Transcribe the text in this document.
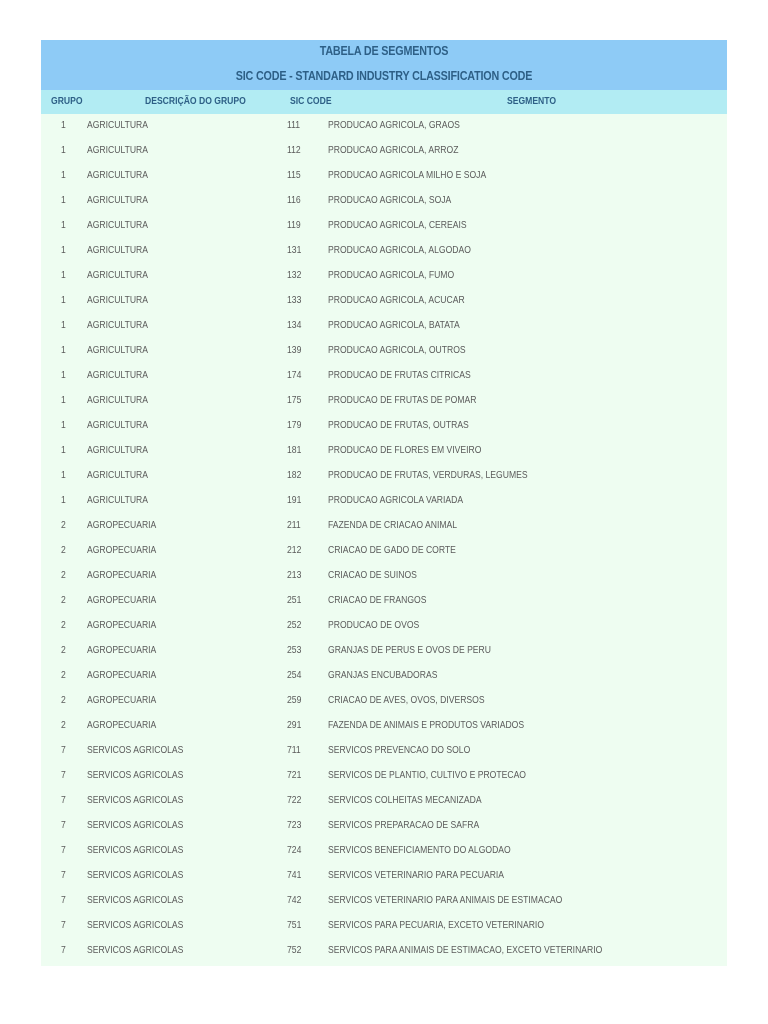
TABELA DE SEGMENTOS
SIC CODE - STANDARD INDUSTRY CLASSIFICATION CODE
GRUPO	DESCRIÇÃO DO GRUPO	SIC CODE	SEGMENTO
1 AGRICULTURA	111	PRODUCAO AGRICOLA, GRAOS
1 AGRICULTURA	112	PRODUCAO AGRICOLA, ARROZ
1 AGRICULTURA	115	PRODUCAO AGRICOLA MILHO E SOJA
1 AGRICULTURA	116	PRODUCAO AGRICOLA, SOJA
1 AGRICULTURA	119	PRODUCAO AGRICOLA, CEREAIS
1 AGRICULTURA	131	PRODUCAO AGRICOLA, ALGODAO
1 AGRICULTURA	132	PRODUCAO AGRICOLA, FUMO
1 AGRICULTURA	133	PRODUCAO AGRICOLA, ACUCAR
1 AGRICULTURA	134	PRODUCAO AGRICOLA, BATATA
1 AGRICULTURA	139	PRODUCAO AGRICOLA, OUTROS
1 AGRICULTURA	174	PRODUCAO DE FRUTAS CITRICAS
1 AGRICULTURA	175	PRODUCAO DE FRUTAS DE POMAR
1 AGRICULTURA	179	PRODUCAO DE FRUTAS, OUTRAS
1 AGRICULTURA	181	PRODUCAO DE FLORES EM VIVEIRO
1 AGRICULTURA	182	PRODUCAO DE FRUTAS, VERDURAS, LEGUMES
1 AGRICULTURA	191	PRODUCAO AGRICOLA VARIADA
2 AGROPECUARIA	211	FAZENDA DE CRIACAO ANIMAL
2 AGROPECUARIA	212	CRIACAO DE GADO DE CORTE
2 AGROPECUARIA	213	CRIACAO DE SUINOS
2 AGROPECUARIA	251	CRIACAO DE FRANGOS
2 AGROPECUARIA	252	PRODUCAO DE OVOS
2 AGROPECUARIA	253	GRANJAS DE PERUS E OVOS DE PERU
2 AGROPECUARIA	254	GRANJAS ENCUBADORAS
2 AGROPECUARIA	259	CRIACAO DE AVES, OVOS, DIVERSOS
2 AGROPECUARIA	291	FAZENDA DE ANIMAIS E PRODUTOS VARIADOS
7 SERVICOS AGRICOLAS	711	SERVICOS PREVENCAO DO SOLO
7 SERVICOS AGRICOLAS	721	SERVICOS DE PLANTIO, CULTIVO E PROTECAO
7 SERVICOS AGRICOLAS	722	SERVICOS COLHEITAS MECANIZADA
7 SERVICOS AGRICOLAS	723	SERVICOS PREPARACAO DE SAFRA
7 SERVICOS AGRICOLAS	724	SERVICOS BENEFICIAMENTO DO ALGODAO
7 SERVICOS AGRICOLAS	741	SERVICOS VETERINARIO PARA PECUARIA
7 SERVICOS AGRICOLAS	742	SERVICOS VETERINARIO PARA ANIMAIS DE ESTIMACAO
7 SERVICOS AGRICOLAS	751	SERVICOS PARA PECUARIA, EXCETO VETERINARIO
7 SERVICOS AGRICOLAS	752	SERVICOS PARA ANIMAIS DE ESTIMACAO, EXCETO VETERINARIO
